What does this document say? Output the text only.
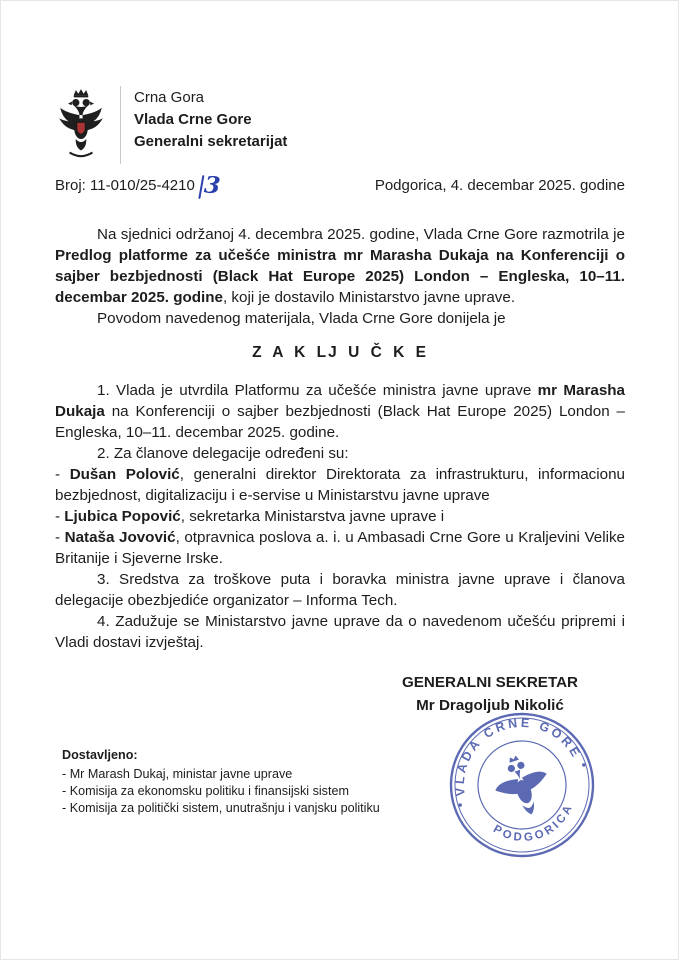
Crna Gora
Vlada Crne Gore
Generalni sekretarijat
Broj: 11-010/25-4210 3	Podgorica, 4. decembar 2025. godine

Na sjednici održanoj 4. decembra 2025. godine, Vlada Crne Gore razmotrila je Predlog platforme za učešće ministra mr Marasha Dukaja na Konferenciji o sajber bezbjednosti (Black Hat Europe 2025) London – Engleska, 10–11. decembar 2025. godine, koji je dostavilo Ministarstvo javne uprave.

Povodom navedenog materijala, Vlada Crne Gore donijela je

Z A K LJ U Č K E

1. Vlada je utvrdila Platformu za učešće ministra javne uprave mr Marasha Dukaja na Konferenciji o sajber bezbjednosti (Black Hat Europe 2025) London – Engleska, 10–11. decembar 2025. godine.

2. Za članove delegacije određeni su:

- Dušan Polović, generalni direktor Direktorata za infrastrukturu, informacionu bezbjednost, digitalizaciju i e-servise u Ministarstvu javne uprave

- Ljubica Popović, sekretarka Ministarstva javne uprave i

- Nataša Jovović, otpravnica poslova a. i. u Ambasadi Crne Gore u Kraljevini Velike Britanije i Sjeverne Irske.

3. Sredstva za troškove puta i boravka ministra javne uprave i članova delegacije obezbjediće organizator – Informa Tech.

4. Zadužuje se Ministarstvo javne uprave da o navedenom učešću pripremi i Vladi dostavi izvještaj.

GENERALNI SEKRETAR
Mr Dragoljub Nikolić
Dostavljeno:
- Mr Marash Dukaj, ministar javne uprave
- Komisija za ekonomsku politiku i finansijski sistem
- Komisija za politički sistem, unutrašnju i vanjsku politiku
VLADA CRNE GORE
PODGORICA
